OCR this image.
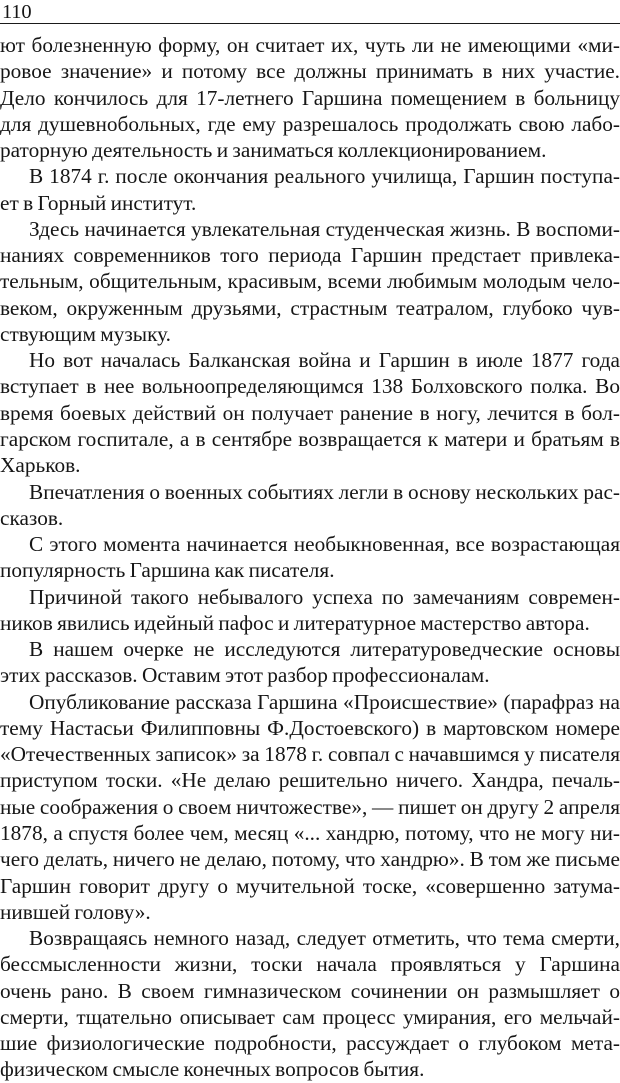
110
ют болезненную форму, он считает их, чуть ли не имеющими «ми-
ровое значение» и потому все должны принимать в них участие.
Дело кончилось для 17-летнего Гаршина помещением в больницу
для душевнобольных, где ему разрешалось продолжать свою лабо-
раторную деятельность и заниматься коллекционированием.
В 1874 г. после окончания реального училища, Гаршин поступа-
ет в Горный институт.
Здесь начинается увлекательная студенческая жизнь. В воспоми-
наниях современников того периода Гаршин предстает привлека-
тельным, общительным, красивым, всеми любимым молодым чело-
веком, окруженным друзьями, страстным театралом, глубоко чув-
ствующим музыку.
Но вот началась Балканская война и Гаршин в июле 1877 года
вступает в нее вольноопределяющимся 138 Болховского полка. Во
время боевых действий он получает ранение в ногу, лечится в бол-
гарском госпитале, а в сентябре возвращается к матери и братьям в
Харьков.
Впечатления о военных событиях легли в основу нескольких рас-
сказов.
С этого момента начинается необыкновенная, все возрастающая
популярность Гаршина как писателя.
Причиной такого небывалого успеха по замечаниям современ-
ников явились идейный пафос и литературное мастерство автора.
В нашем очерке не исследуются литературоведческие основы
этих рассказов. Оставим этот разбор профессионалам.
Опубликование рассказа Гаршина «Происшествие» (парафраз на
тему Настасьи Филипповны Ф.Достоевского) в мартовском номере
«Отечественных записок» за 1878 г. совпал с начавшимся у писателя
приступом тоски. «Не делаю решительно ничего. Хандра, печаль-
ные соображения о своем ничтожестве», — пишет он другу 2 апреля
1878, а спустя более чем, месяц «... хандрю, потому, что не могу ни-
чего делать, ничего не делаю, потому, что хандрю». В том же письме
Гаршин говорит другу о мучительной тоске, «совершенно затума-
нившей голову».
Возвращаясь немного назад, следует отметить, что тема смерти,
бессмысленности жизни, тоски начала проявляться у Гаршина
очень рано. В своем гимназическом сочинении он размышляет о
смерти, тщательно описывает сам процесс умирания, его мельчай-
шие физиологические подробности, рассуждает о глубоком мета-
физическом смысле конечных вопросов бытия.
